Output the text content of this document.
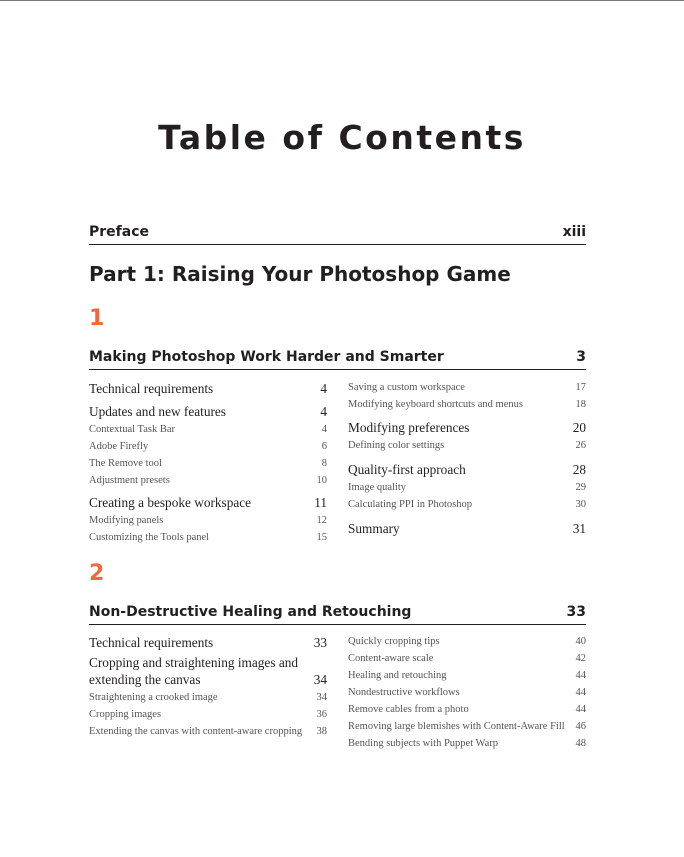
Table of Contents
Preface	xiii
Part 1: Raising Your Photoshop Game
1
Making Photoshop Work Harder and Smarter	3
Technical requirements	4
Updates and new features	4
Contextual Task Bar	4
Adobe Firefly	6
The Remove tool	8
Adjustment presets	10
Creating a bespoke workspace	11
Modifying panels	12
Customizing the Tools panel	15
Saving a custom workspace	17
Modifying keyboard shortcuts and menus	18
Modifying preferences	20
Defining color settings	26
Quality-first approach	28
Image quality	29
Calculating PPI in Photoshop	30
Summary	31
2
Non-Destructive Healing and Retouching	33
Technical requirements	33
Cropping and straightening images and extending the canvas	34
Straightening a crooked image	34
Cropping images	36
Extending the canvas with content-aware cropping	38
Quickly cropping tips	40
Content-aware scale	42
Healing and retouching	44
Nondestructive workflows	44
Remove cables from a photo	44
Removing large blemishes with Content-Aware Fill	46
Bending subjects with Puppet Warp	48
